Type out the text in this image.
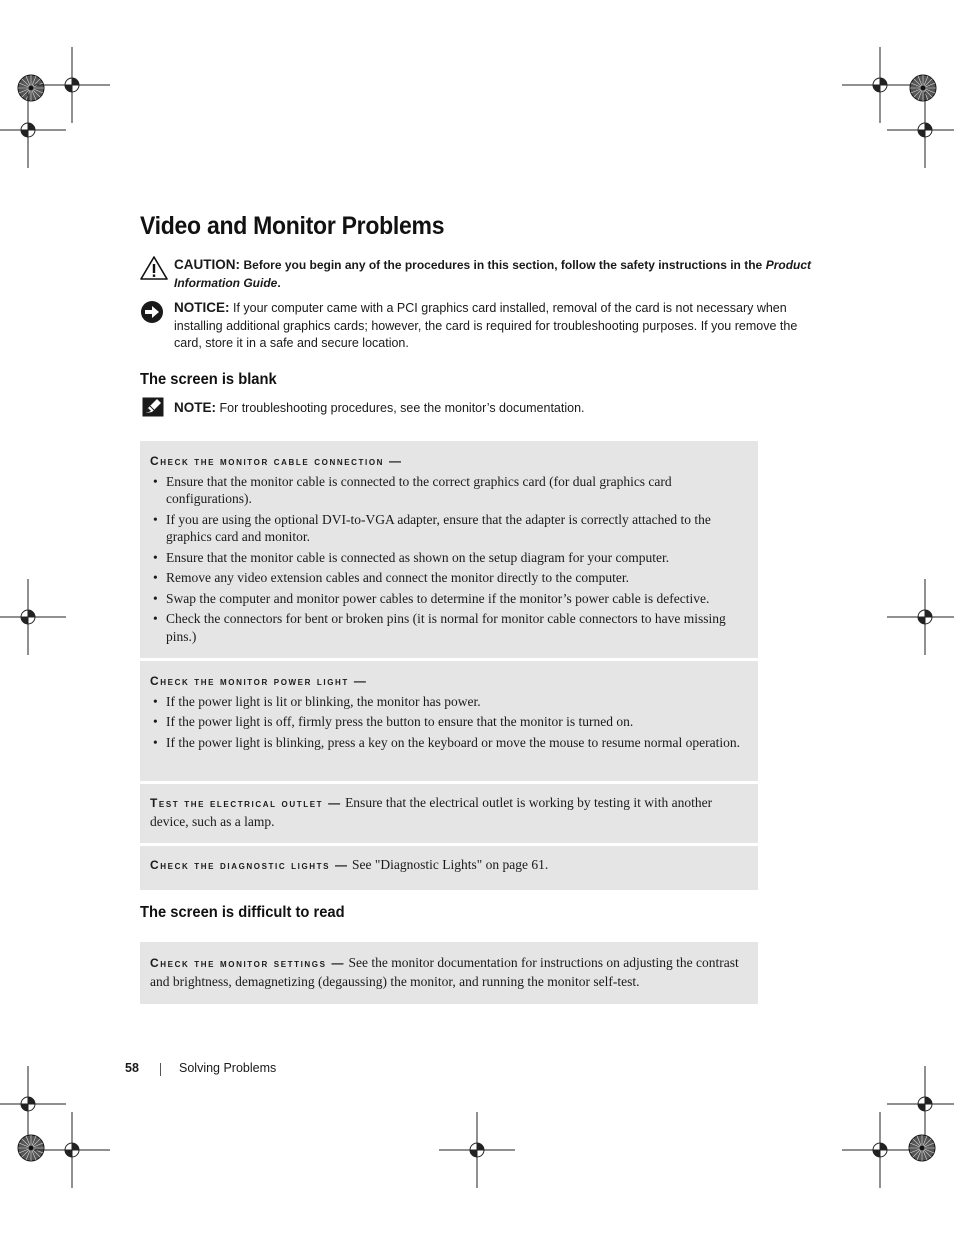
Video and Monitor Problems
CAUTION: Before you begin any of the procedures in this section, follow the safety instructions in the Product Information Guide.
NOTICE: If your computer came with a PCI graphics card installed, removal of the card is not necessary when installing additional graphics cards; however, the card is required for troubleshooting purposes. If you remove the card, store it in a safe and secure location.
The screen is blank
NOTE: For troubleshooting procedures, see the monitor’s documentation.
Check the monitor cable connection —
• Ensure that the monitor cable is connected to the correct graphics card (for dual graphics card configurations).
• If you are using the optional DVI-to-VGA adapter, ensure that the adapter is correctly attached to the graphics card and monitor.
• Ensure that the monitor cable is connected as shown on the setup diagram for your computer.
• Remove any video extension cables and connect the monitor directly to the computer.
• Swap the computer and monitor power cables to determine if the monitor’s power cable is defective.
• Check the connectors for bent or broken pins (it is normal for monitor cable connectors to have missing pins.)
Check the monitor power light —
• If the power light is lit or blinking, the monitor has power.
• If the power light is off, firmly press the button to ensure that the monitor is turned on.
• If the power light is blinking, press a key on the keyboard or move the mouse to resume normal operation.
Test the electrical outlet — Ensure that the electrical outlet is working by testing it with another device, such as a lamp.
Check the diagnostic lights — See "Diagnostic Lights" on page 61.
The screen is difficult to read
Check the monitor settings — See the monitor documentation for instructions on adjusting the contrast and brightness, demagnetizing (degaussing) the monitor, and running the monitor self-test.
58	Solving Problems
